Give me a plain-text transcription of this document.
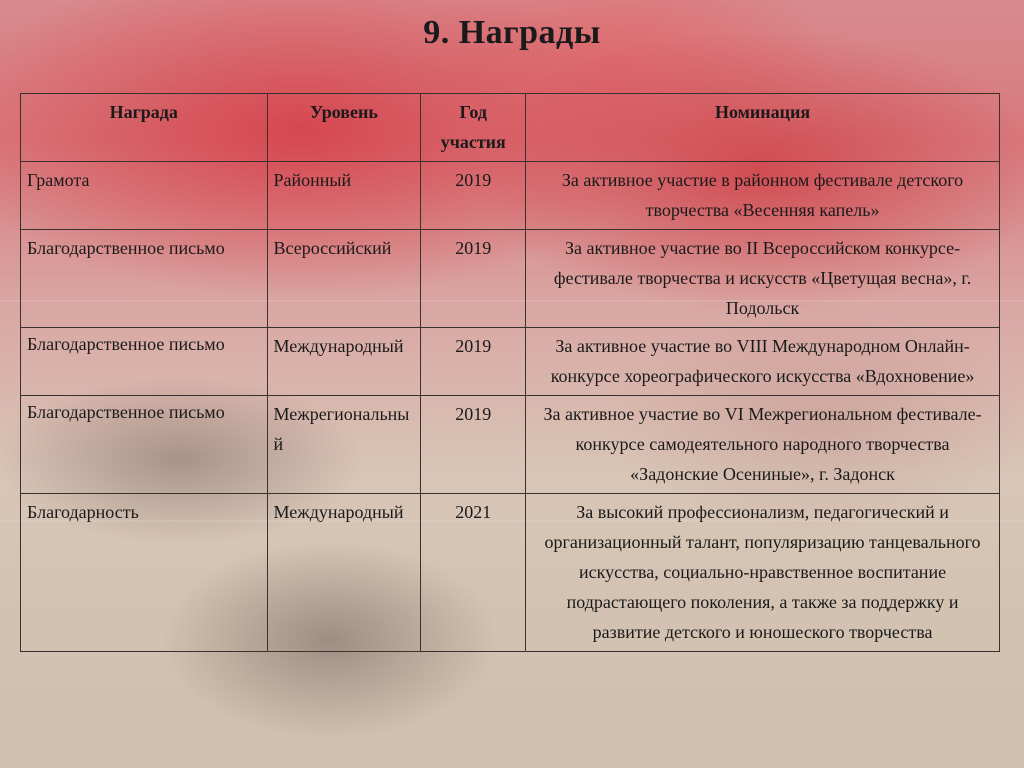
9. Награды
Награда	Уровень	Год участия	Номинация
Грамота	Районный	2019	За активное участие в районном фестивале детского творчества «Весенняя капель»
Благодарственное письмо	Всероссийский	2019	За активное участие во II Всероссийском конкурсе-фестивале творчества и искусств «Цветущая весна», г. Подольск
Благодарственное письмо	Международный	2019	За активное участие во VIII Международном Онлайн-конкурсе хореографического искусства «Вдохновение»
Благодарственное письмо	Межрегиональный	2019	За активное участие во VI Межрегиональном фестивале-конкурсе самодеятельного народного творчества «Задонские Осениные», г. Задонск
Благодарность	Международный	2021	За высокий профессионализм, педагогический и организационный талант, популяризацию танцевального искусства, социально-нравственное воспитание подрастающего поколения, а также за поддержку и развитие детского и юношеского творчества
